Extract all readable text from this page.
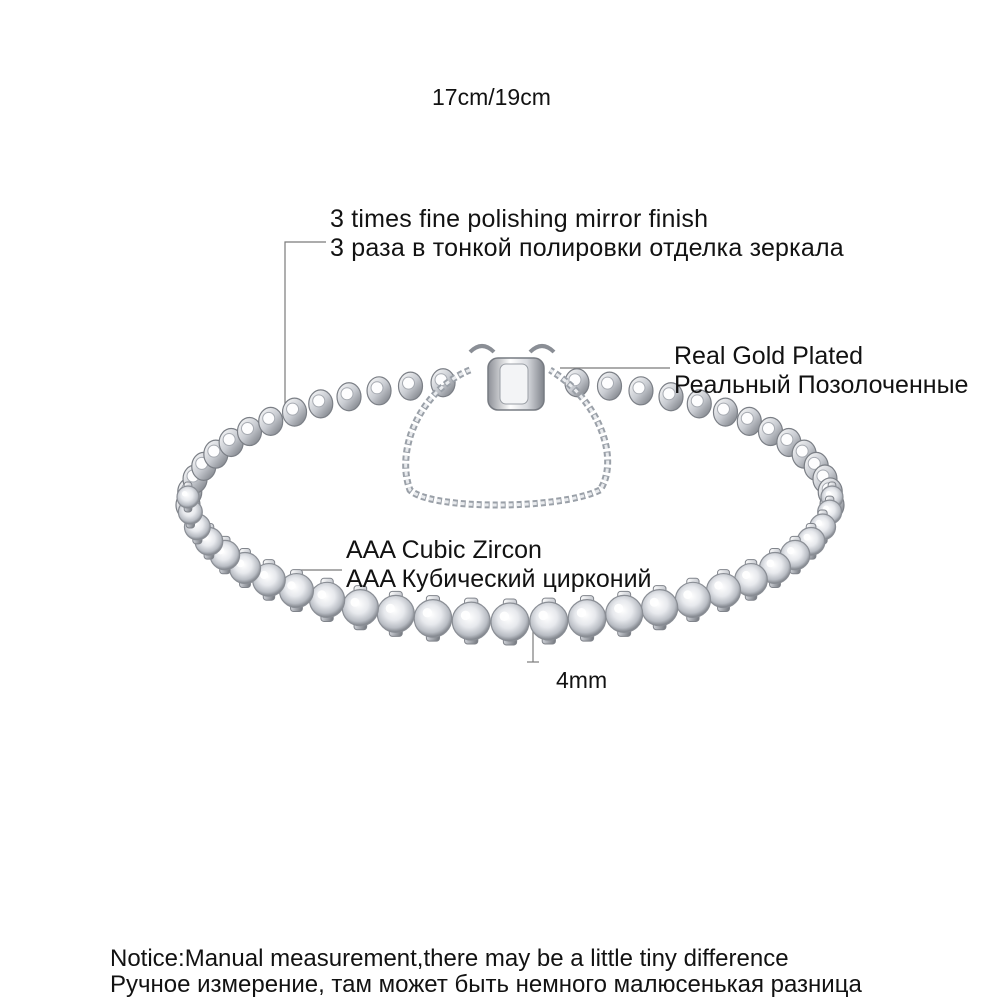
17cm/19cm
3 times fine polishing mirror finish
3 раза в тонкой полировки отделка зеркала
Real Gold Plated
Реальный Позолоченные
AAA Cubic Zircon
AAA Кубический цирконий
4mm
Notice:Manual measurement,there may be a little tiny difference
Ручное измерение, там может быть немного малюсенькая разница
